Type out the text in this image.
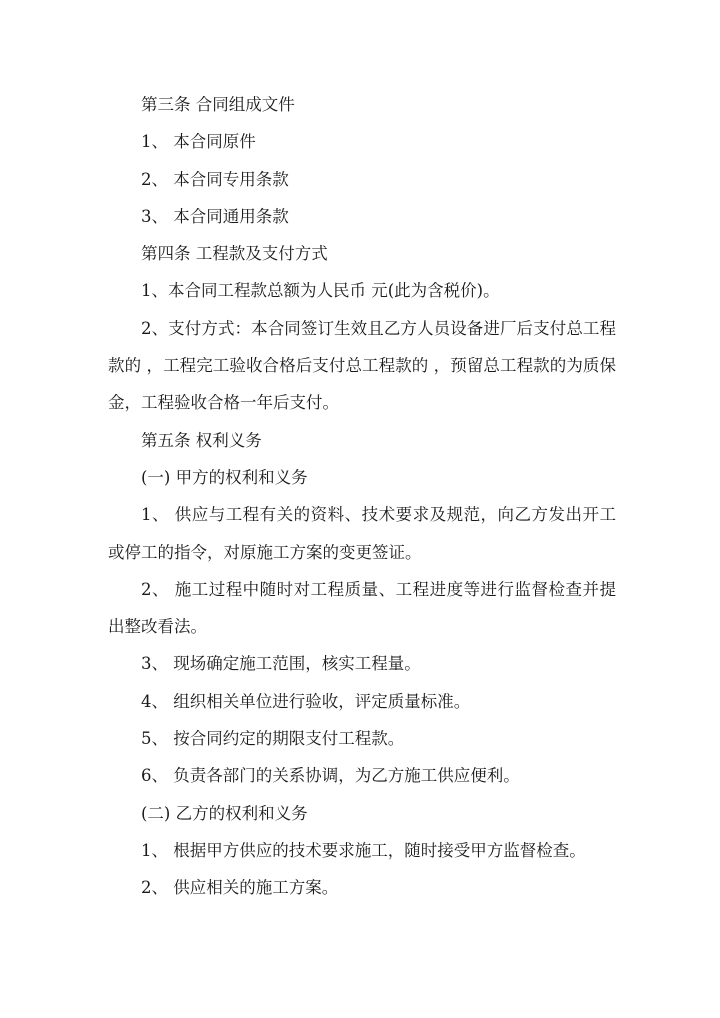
第三条 合同组成文件

1、 本合同原件

2、 本合同专用条款

3、 本合同通用条款

第四条 工程款及支付方式

1、本合同工程款总额为人民币 元(此为含税价)。

2、支付方式：本合同签订生效且乙方人员设备进厂后支付总工程款的 ，工程完工验收合格后支付总工程款的 ，预留总工程款的为质保金，工程验收合格一年后支付。

第五条 权利义务

(一) 甲方的权利和义务

1、 供应与工程有关的资料、技术要求及规范，向乙方发出开工或停工的指令，对原施工方案的变更签证。

2、 施工过程中随时对工程质量、工程进度等进行监督检查并提出整改看法。

3、 现场确定施工范围，核实工程量。

4、 组织相关单位进行验收，评定质量标准。

5、 按合同约定的期限支付工程款。

6、 负责各部门的关系协调，为乙方施工供应便利。

(二) 乙方的权利和义务

1、 根据甲方供应的技术要求施工，随时接受甲方监督检查。

2、 供应相关的施工方案。
